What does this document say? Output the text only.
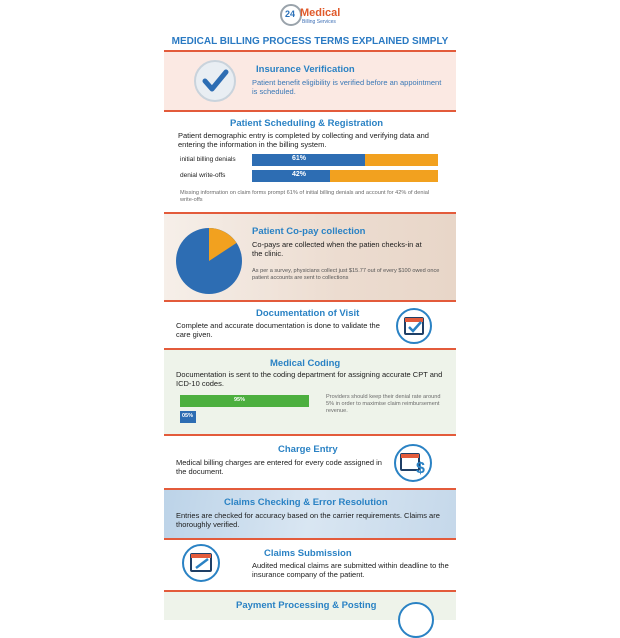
24 Medical
Billing Services
MEDICAL BILLING PROCESS TERMS EXPLAINED SIMPLY
Insurance Verification
Patient benefit eligibility is verified before an appointment is scheduled.
Patient Scheduling & Registration
Patient demographic entry is completed by collecting and verifying data and entering the information in the billing system.
initial billing denials	61%
denial write-offs	42%
Missing information on claim forms prompt 61% of initial billing denials and account for 42% of denial write-offs
Patient Co-pay collection
Co-pays are collected when the patien checks-in at the clinic.
As per a survey, physicians collect just $15.77 out of every $100 owed once patient accounts are sent to collections
Documentation of Visit
Complete and accurate documentation is done to validate the care given.
Medical Coding
Documentation is sent to the coding department for assigning accurate CPT and ICD-10 codes.
95%
05%
Providers should keep their denial rate around 5% in order to maximise claim reimbursement revenue.
Charge Entry
Medical billing charges are entered for every code assigned in the document.	$
Claims Checking & Error Resolution
Entries are checked for accuracy based on the carrier requirements. Claims are thoroughly verified.
Claims Submission
Audited medical claims are submitted within deadline to the insurance company of the patient.
Payment Processing & Posting
